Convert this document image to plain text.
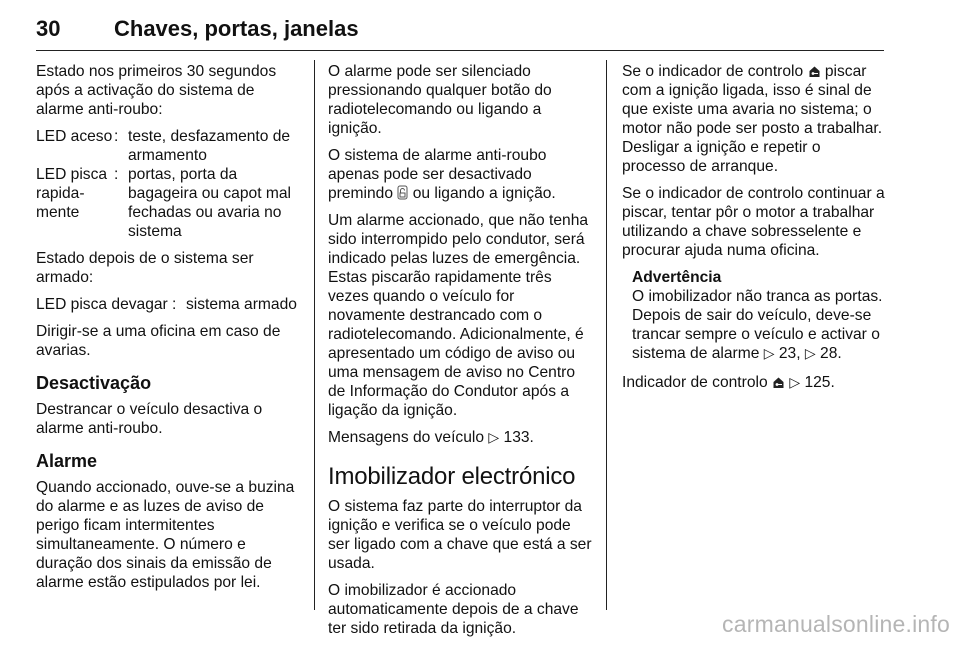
30 Chaves, portas, janelas

Estado nos primeiros 30 segundos após a activação do sistema de alarme anti-roubo:

LED aceso	:	teste, desfazamento de armamento
LED pisca rapida-mente	:	portas, porta da bagageira ou capot mal fechadas ou avaria no sistema

Estado depois de o sistema ser armado:

LED pisca devagar	:	sistema armado

Dirigir-se a uma oficina em caso de avarias.

Desactivação

Destrancar o veículo desactiva o alarme anti-roubo.

Alarme

Quando accionado, ouve-se a buzina do alarme e as luzes de aviso de perigo ficam intermitentes simultaneamente. O número e duração dos sinais da emissão de alarme estão estipulados por lei.

O alarme pode ser silenciado pressionando qualquer botão do radiotelecomando ou ligando a ignição.

O sistema de alarme anti-roubo apenas pode ser desactivado premindo ou ligando a ignição.

Um alarme accionado, que não tenha sido interrompido pelo condutor, será indicado pelas luzes de emergência. Estas piscarão rapidamente três vezes quando o veículo for novamente destrancado com o radiotelecomando. Adicionalmente, é apresentado um código de aviso ou uma mensagem de aviso no Centro de Informação do Condutor após a ligação da ignição.

Mensagens do veículo ▷ 133.

Imobilizador electrónico

O sistema faz parte do interruptor da ignição e verifica se o veículo pode ser ligado com a chave que está a ser usada.

O imobilizador é accionado automaticamente depois de a chave ter sido retirada da ignição.

Se o indicador de controlo piscar com a ignição ligada, isso é sinal de que existe uma avaria no sistema; o motor não pode ser posto a trabalhar. Desligar a ignição e repetir o processo de arranque.

Se o indicador de controlo continuar a piscar, tentar pôr o motor a trabalhar utilizando a chave sobresselente e procurar ajuda numa oficina.

Advertência
O imobilizador não tranca as portas. Depois de sair do veículo, deve-se trancar sempre o veículo e activar o sistema de alarme ▷ 23, ▷ 28.

Indicador de controlo ▷ 125.

carmanualsonline.info
